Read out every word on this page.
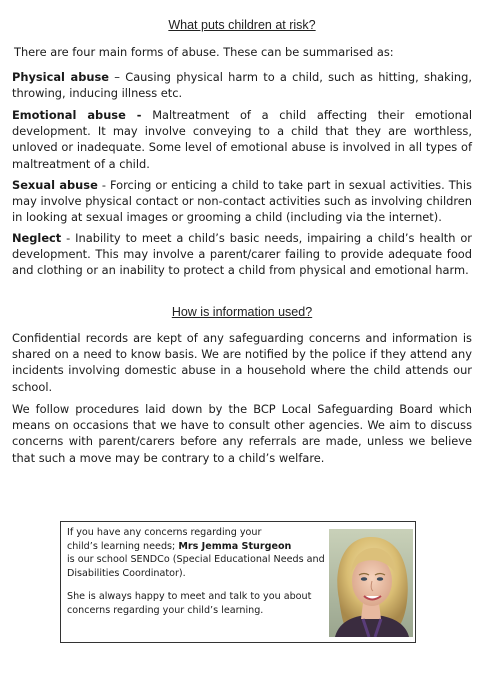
What puts children at risk?
There are four main forms of abuse. These can be summarised as:
Physical abuse – Causing physical harm to a child, such as hitting, shaking, throwing, inducing illness etc.
Emotional abuse - Maltreatment of a child affecting their emotional development. It may involve conveying to a child that they are worthless, unloved or inadequate. Some level of emotional abuse is involved in all types of maltreatment of a child.
Sexual abuse - Forcing or enticing a child to take part in sexual activities. This may involve physical contact or non-contact activities such as involving children in looking at sexual images or grooming a child (including via the internet).
Neglect - Inability to meet a child’s basic needs, impairing a child’s health or development. This may involve a parent/carer failing to provide adequate food and clothing or an inability to protect a child from physical and emotional harm.
How is information used?
Confidential records are kept of any safeguarding concerns and information is shared on a need to know basis. We are notified by the police if they attend any incidents involving domestic abuse in a household where the child attends our school.
We follow procedures laid down by the BCP Local Safeguarding Board which means on occasions that we have to consult other agencies. We aim to discuss concerns with parent/carers before any referrals are made, unless we believe that such a move may be contrary to a child’s welfare.
If you have any concerns regarding your
child’s learning needs; Mrs Jemma Sturgeon
is our school SENDCo (Special Educational Needs and
Disabilities Coordinator).
She is always happy to meet and talk to you about
concerns regarding your child’s learning.
